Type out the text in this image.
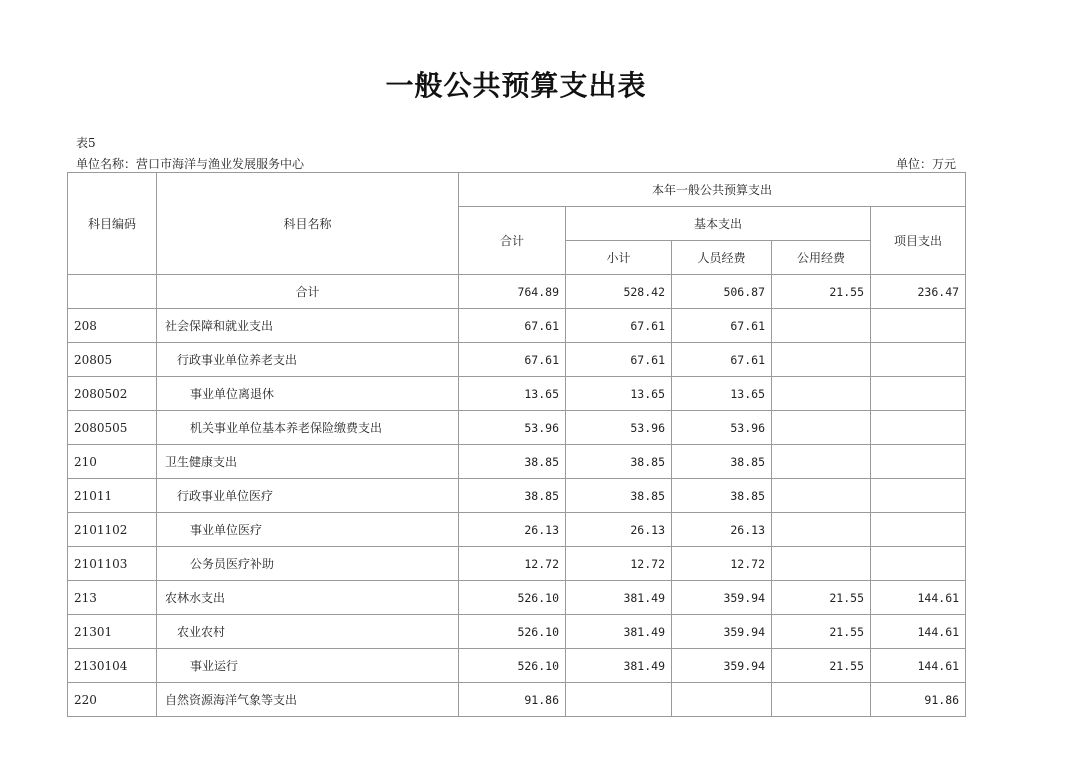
一般公共预算支出表
表5
单位名称：营口市海洋与渔业发展服务中心	单位：万元
科目编码	科目名称	本年一般公共预算支出				
		合计	基本支出			项目支出
			小计	人员经费	公用经费	
	合计	764.89	528.42	506.87	21.55	236.47
208	社会保障和就业支出	67.61	67.61	67.61		
20805	行政事业单位养老支出	67.61	67.61	67.61		
2080502	事业单位离退休	13.65	13.65	13.65		
2080505	机关事业单位基本养老保险缴费支出	53.96	53.96	53.96		
210	卫生健康支出	38.85	38.85	38.85		
21011	行政事业单位医疗	38.85	38.85	38.85		
2101102	事业单位医疗	26.13	26.13	26.13		
2101103	公务员医疗补助	12.72	12.72	12.72		
213	农林水支出	526.10	381.49	359.94	21.55	144.61
21301	农业农村	526.10	381.49	359.94	21.55	144.61
2130104	事业运行	526.10	381.49	359.94	21.55	144.61
220	自然资源海洋气象等支出	91.86				91.86
